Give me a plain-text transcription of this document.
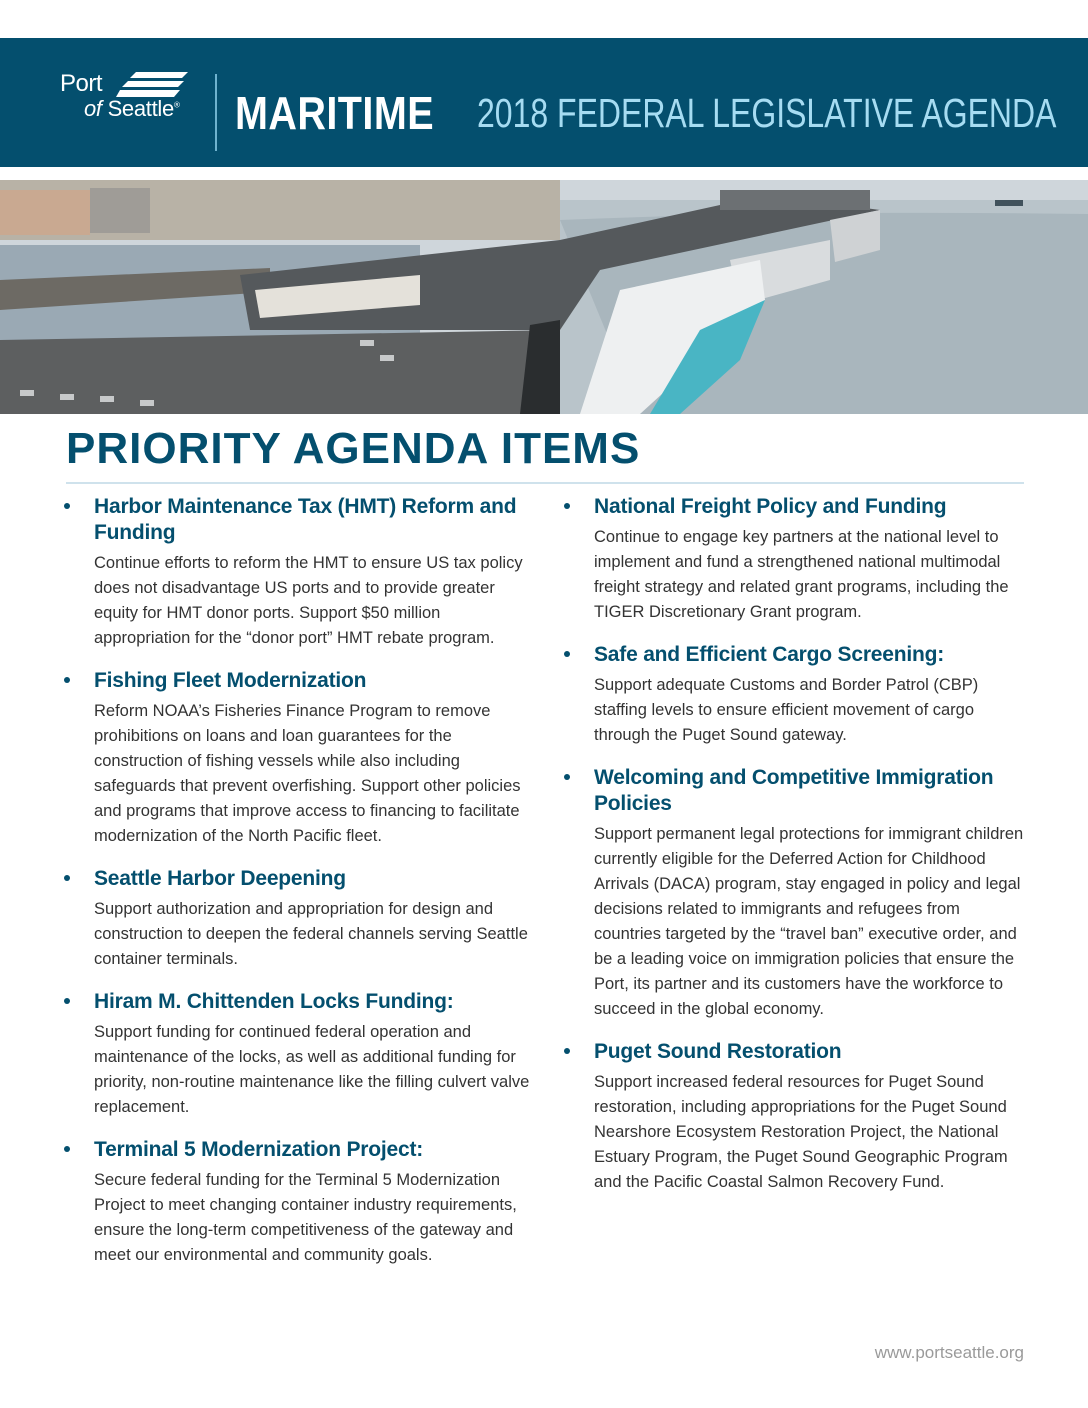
Port
of Seattle® MARITIME 2018 FEDERAL LEGISLATIVE AGENDA
PRIORITY AGENDA ITEMS
Harbor Maintenance Tax (HMT) Reform and Funding

Continue efforts to reform the HMT to ensure US tax policy does not disadvantage US ports and to provide greater equity for HMT donor ports. Support $50 million appropriation for the “donor port” HMT rebate program.

Fishing Fleet Modernization

Reform NOAA’s Fisheries Finance Program to remove prohibitions on loans and loan guarantees for the construction of fishing vessels while also including safeguards that prevent overfishing. Support other policies and programs that improve access to financing to facilitate modernization of the North Pacific fleet.

Seattle Harbor Deepening

Support authorization and appropriation for design and construction to deepen the federal channels serving Seattle container terminals.

Hiram M. Chittenden Locks Funding:

Support funding for continued federal operation and maintenance of the locks, as well as additional funding for priority, non-routine maintenance like the filling culvert valve replacement.

Terminal 5 Modernization Project:

Secure federal funding for the Terminal 5 Modernization Project to meet changing container industry requirements, ensure the long-term competitiveness of the gateway and meet our environmental and community goals.

National Freight Policy and Funding

Continue to engage key partners at the national level to implement and fund a strengthened national multimodal freight strategy and related grant programs, including the TIGER Discretionary Grant program.

Safe and Efficient Cargo Screening:

Support adequate Customs and Border Patrol (CBP) staffing levels to ensure efficient movement of cargo through the Puget Sound gateway.

Welcoming and Competitive Immigration Policies

Support permanent legal protections for immigrant children currently eligible for the Deferred Action for Childhood Arrivals (DACA) program, stay engaged in policy and legal decisions related to immigrants and refugees from countries targeted by the “travel ban” executive order, and be a leading voice on immigration policies that ensure the Port, its partner and its customers have the workforce to succeed in the global economy.

Puget Sound Restoration

Support increased federal resources for Puget Sound restoration, including appropriations for the Puget Sound Nearshore Ecosystem Restoration Project, the National Estuary Program, the Puget Sound Geographic Program and the Pacific Coastal Salmon Recovery Fund.

www.portseattle.org
